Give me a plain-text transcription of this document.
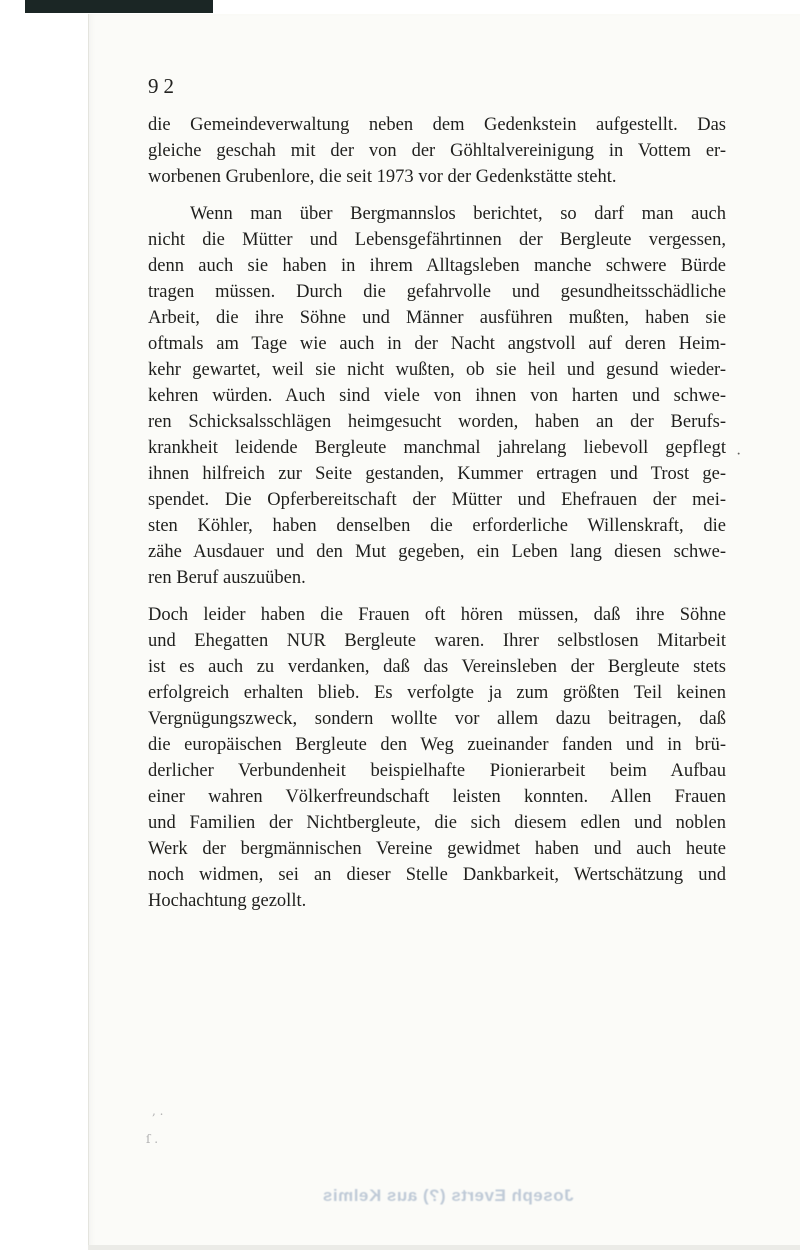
92
die Gemeindeverwaltung neben dem Gedenkstein aufgestellt. Das
gleiche geschah mit der von der Göhltalvereinigung in Vottem er-
worbenen Grubenlore, die seit 1973 vor der Gedenkstätte steht.
Wenn man über Bergmannslos berichtet, so darf man auch
nicht die Mütter und Lebensgefährtinnen der Bergleute vergessen,
denn auch sie haben in ihrem Alltagsleben manche schwere Bürde
tragen müssen. Durch die gefahrvolle und gesundheitsschädliche
Arbeit, die ihre Söhne und Männer ausführen mußten, haben sie
oftmals am Tage wie auch in der Nacht angstvoll auf deren Heim-
kehr gewartet, weil sie nicht wußten, ob sie heil und gesund wieder-
kehren würden. Auch sind viele von ihnen von harten und schwe-
ren Schicksalsschlägen heimgesucht worden, haben an der Berufs-
krankheit leidende Bergleute manchmal jahrelang liebevoll gepflegt
ihnen hilfreich zur Seite gestanden, Kummer ertragen und Trost ge-
spendet. Die Opferbereitschaft der Mütter und Ehefrauen der mei-
sten Köhler, haben denselben die erforderliche Willenskraft, die
zähe Ausdauer und den Mut gegeben, ein Leben lang diesen schwe-
ren Beruf auszuüben.
Doch leider haben die Frauen oft hören müssen, daß ihre Söhne
und Ehegatten NUR Bergleute waren. Ihrer selbstlosen Mitarbeit
ist es auch zu verdanken, daß das Vereinsleben der Bergleute stets
erfolgreich erhalten blieb. Es verfolgte ja zum größten Teil keinen
Vergnügungszweck, sondern wollte vor allem dazu beitragen, daß
die europäischen Bergleute den Weg zueinander fanden und in brü-
derlicher Verbundenheit beispielhafte Pionierarbeit beim Aufbau
einer wahren Völkerfreundschaft leisten konnten. Allen Frauen
und Familien der Nichtbergleute, die sich diesem edlen und noblen
Werk der bergmännischen Vereine gewidmet haben und auch heute
noch widmen, sei an dieser Stelle Dankbarkeit, Wertschätzung und
Hochachtung gezollt.
·
, .
ſ .
Joseph Everts (?) aus Kelmis
